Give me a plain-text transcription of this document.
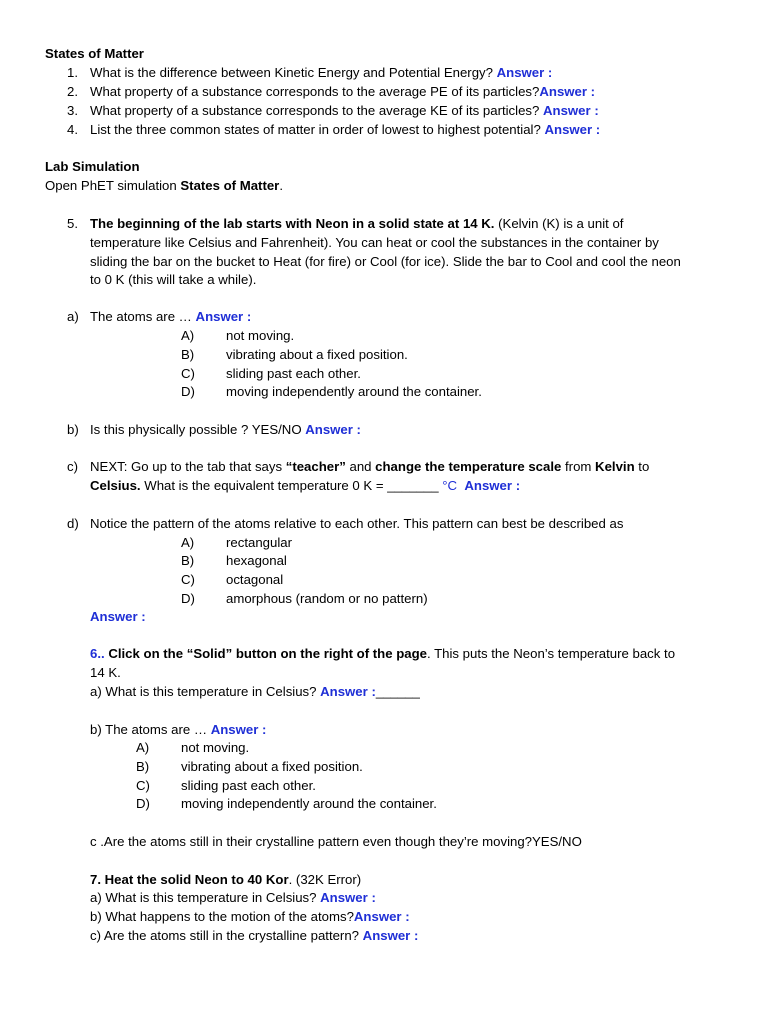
States of Matter
1. What is the difference between Kinetic Energy and Potential Energy? Answer :
2. What property of a substance corresponds to the average PE of its particles?Answer :
3. What property of a substance corresponds to the average KE of its particles? Answer :
4. List the three common states of matter in order of lowest to highest potential? Answer :
Lab Simulation
Open PhET simulation States of Matter.
5. The beginning of the lab starts with Neon in a solid state at 14 K. (Kelvin (K) is a unit of
temperature like Celsius and Fahrenheit). You can heat or cool the substances in the container by
sliding the bar on the bucket to Heat (for fire) or Cool (for ice). Slide the bar to Cool and cool the neon
to 0 K (this will take a while).
a) The atoms are … Answer :
A) not moving.
B) vibrating about a fixed position.
C) sliding past each other.
D) moving independently around the container.
b) Is this physically possible ? YES/NO Answer :
c) NEXT: Go up to the tab that says “teacher” and change the temperature scale from Kelvin to
Celsius. What is the equivalent temperature 0 K = _______ °C Answer :
d) Notice the pattern of the atoms relative to each other. This pattern can best be described as
A) rectangular
B) hexagonal
C) octagonal
D) amorphous (random or no pattern)
Answer :
6.. Click on the “Solid” button on the right of the page. This puts the Neon’s temperature back to
14 K.
a) What is this temperature in Celsius? Answer :______
b) The atoms are … Answer :
A) not moving.
B) vibrating about a fixed position.
C) sliding past each other.
D) moving independently around the container.
c .Are the atoms still in their crystalline pattern even though they’re moving?YES/NO
7. Heat the solid Neon to 40 Kor. (32K Error)
a) What is this temperature in Celsius? Answer :
b) What happens to the motion of the atoms?Answer :
c) Are the atoms still in the crystalline pattern? Answer :
